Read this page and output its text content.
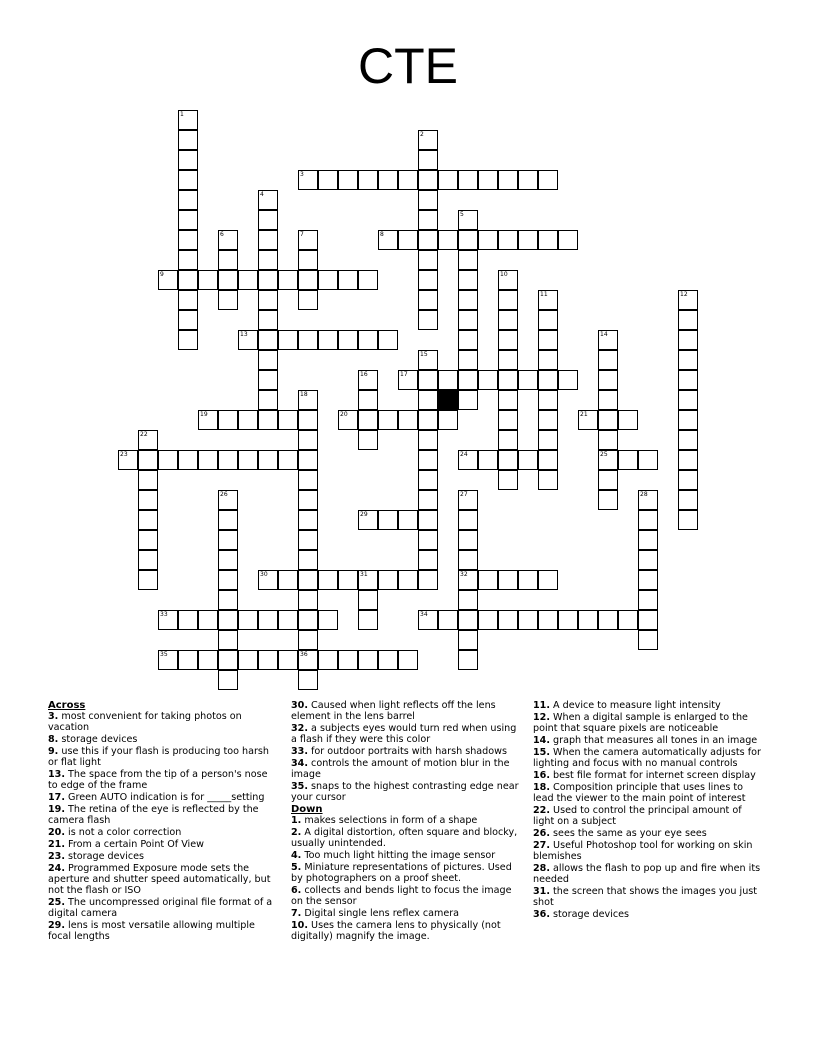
CTE
1
2
3
4
5
6	7	8
9	10
11	12
13	14
15
16	17
18
19	20	21
22
23	24	25
26	27	28
29
30	31	32
33	34
35	36
Across
3. most convenient for taking photos on vacation
8. storage devices
9. use this if your flash is producing too harsh or flat light
13. The space from the tip of a person's nose to edge of the frame
17. Green AUTO indication is for _____setting
19. The retina of the eye is reflected by the camera flash
20. is not a color correction
21. From a certain Point Of View
23. storage devices
24. Programmed Exposure mode sets the aperture and shutter speed automatically, but not the flash or ISO
25. The uncompressed original file format of a digital camera
29. lens is most versatile allowing multiple focal lengths
30. Caused when light reflects off the lens element in the lens barrel
32. a subjects eyes would turn red when using a flash if they were this color
33. for outdoor portraits with harsh shadows
34. controls the amount of motion blur in the image
35. snaps to the highest contrasting edge near your cursor
Down
1. makes selections in form of a shape
2. A digital distortion, often square and blocky, usually unintended.
4. Too much light hitting the image sensor
5. Miniature representations of pictures. Used by photographers on a proof sheet.
6. collects and bends light to focus the image on the sensor
7. Digital single lens reflex camera
10. Uses the camera lens to physically (not digitally) magnify the image.
11. A device to measure light intensity
12. When a digital sample is enlarged to the point that square pixels are noticeable
14. graph that measures all tones in an image
15. When the camera automatically adjusts for lighting and focus with no manual controls
16. best file format for internet screen display
18. Composition principle that uses lines to lead the viewer to the main point of interest
22. Used to control the principal amount of light on a subject
26. sees the same as your eye sees
27. Useful Photoshop tool for working on skin blemishes
28. allows the flash to pop up and fire when its needed
31. the screen that shows the images you just shot
36. storage devices
